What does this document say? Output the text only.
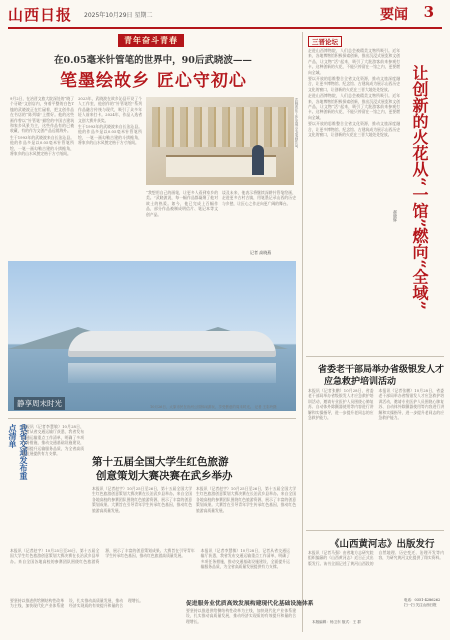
山西日报 2025年10月29日 星期二	要闻 3
青年奋斗青春
在0.05毫米针管笔的世界中，90后武晓波——
笔墨绘故乡 匠心守初心

9月2日，在冶晋文旅大院深处的“晓了个牙晓”文创店内，身着平整的白色T恤的武晓波正在忙碌着，把文创作品在书店的“陈列墙”上摆好。他的这些画作曾以“针管笔”描绘的中国古建筑和家乡风景为主，这些作品有的已被收藏，有的作为文创产品远销海外。

生于1993年的武晓波来自长治沁县。他的作品多是以0.05毫米针管笔所绘，一笔一画勾勒古建的斗拱檐角，将家乡的山水风貌定格于方寸纸间。

2023年，武晓波在故乡沁县开设了个人工作室，他创作的“针管笔绘”系列作品融合传统与现代，吸引了众多年轻人前来打卡。2024年，作品入选省文创大赛并获奖。

生于1993年的武晓波来自长治沁县。他的作品多是以0.05毫米针管笔所绘，一笔一画勾勒古建的斗拱檐角，将家乡的山水风貌定格于方寸纸间。	武晓波在工作室展示毛笔画作品。

“我想用自己的画笔，让更多人看到家乡的美。”武晓波说，每一幅作品都凝聚了他对故土的热爱。如今，他已完成上百幅作品，部分作品被制成明信片、笔记本等文创产品。

谈及未来，他表示将继续深耕针管笔绘画，走进更多古村古镇，用笔墨记录山西的历史与乡愁，让匠心之作走向更广阔的舞台。

记者 高晓燕
静享周末时光	10月26日，太原市民在汾河公园休闲游玩，享受惬意的周末时光。 记者 王彩玲摄
我省交通发布重点清单	本报讯（记者李慧敏）10月28日，记者从省交通运输厅获悉，我省发布交通运输重点工作清单，明确了多项任务措施，推动交通基础设施建设，全面提升运输服务品质，为全省高质量发展提供有力支撑。

第十五届全国大学生红色旅游
创意策划大赛决赛在武乡举办

本报讯（记者赵宇）10月25日至26日，第十五届全国大学生红色旅游创意策划大赛决赛在长治武乡县举办。来自全国各地高校的参赛团队围绕红色旅游资源，展示了丰富的创意策划成果。大赛旨在引导青年学生传承红色基因，推动红色旅游高质量发展。

本报讯（记者赵宇）10月25日至26日，第十五届全国大学生红色旅游创意策划大赛决赛在长治武乡县举办。来自全国各地高校的参赛团队围绕红色旅游资源，展示了丰富的创意策划成果。大赛旨在引导青年学生传承红色基因，推动红色旅游高质量发展。

本报讯（记者赵宇）10月25日至26日，第十五届全国大学生红色旅游创意策划大赛决赛在长治武乡县举办。来自全国各地高校的参赛团队围绕红色旅游资源，展示了丰富的创意策划成果。大赛旨在引导青年学生传承红色基因，推动红色旅游高质量发展。

本报讯（记者李慧敏）10月28日，记者从省交通运输厅获悉，我省发布交通运输重点工作清单，明确了多项任务措施，推动交通基础设施建设，全面提升运输服务品质，为全省高质量发展提供有力支撑。

促进服务业优质高效发展构建现代化基础设施体系

要坚持以推进供给侧结构性改革为主线，加快现代化产业体系建设，扎实推动高质量发展，推动经济实现质的有效提升和量的合理增长。

要坚持以推进供给侧结构性改革为主线，加快现代化产业体系建设，扎实推动高质量发展，推动经济实现质的有效提升和量的合理增长。

三晋论坛

走进山西博物院，人们总会被精美文物所吸引。近年来，各地博物馆积极探索创新，推出沉浸式展览和文创产品，让文物“活”起来，吸引了大批游客前来参观打卡。这种创新的火花，不能只停留在一馆之内，更要燃向全域。

要以开放的思维整合全省文化资源，推动文旅深度融合，让更多博物馆、纪念馆、古建筑成为展示山西历史文化的窗口，让创新的火花在三晋大地处处绽放。

走进山西博物院，人们总会被精美文物所吸引。近年来，各地博物馆积极探索创新，推出沉浸式展览和文创产品，让文物“活”起来，吸引了大批游客前来参观打卡。这种创新的火花，不能只停留在一馆之内，更要燃向全域。

要以开放的思维整合全省文化资源，推动文旅深度融合，让更多博物馆、纪念馆、古建筑成为展示山西历史文化的窗口，让创新的火花在三晋大地处处绽放。	让创新的火花从“一馆”燃向“全域”
郝晓辉
省委老干部局举办省级银发人才
应急救护培训活动

本报讯（记者张鹏）10月28日，省委老干部局举办省级银发人才应急救护培训活动，邀请专业医护人员围绕心肺复苏、自动体外除颤器使用等内容进行讲解和实操指导，进一步提升老同志的应急救护能力。

本报讯（记者张鹏）10月28日，省委老干部局举办省级银发人才应急救护培训活动，邀请专业医护人员围绕心肺复苏、自动体外除颤器使用等内容进行讲解和实操指导，进一步提升老同志的应急救护能力。

《山西黄河志》出版发行

本报讯（记者马强）由省地方志研究院组织编纂的《山西黄河志》近日正式出版发行。该书全面记述了黄河山西段的自然地理、历史变迁、治理开发等内容，为研究黄河文化提供了翔实资料。

本版编辑：杨卫东 版式：王 群
电话：0351-4286262 扫一扫 关注山西日报
